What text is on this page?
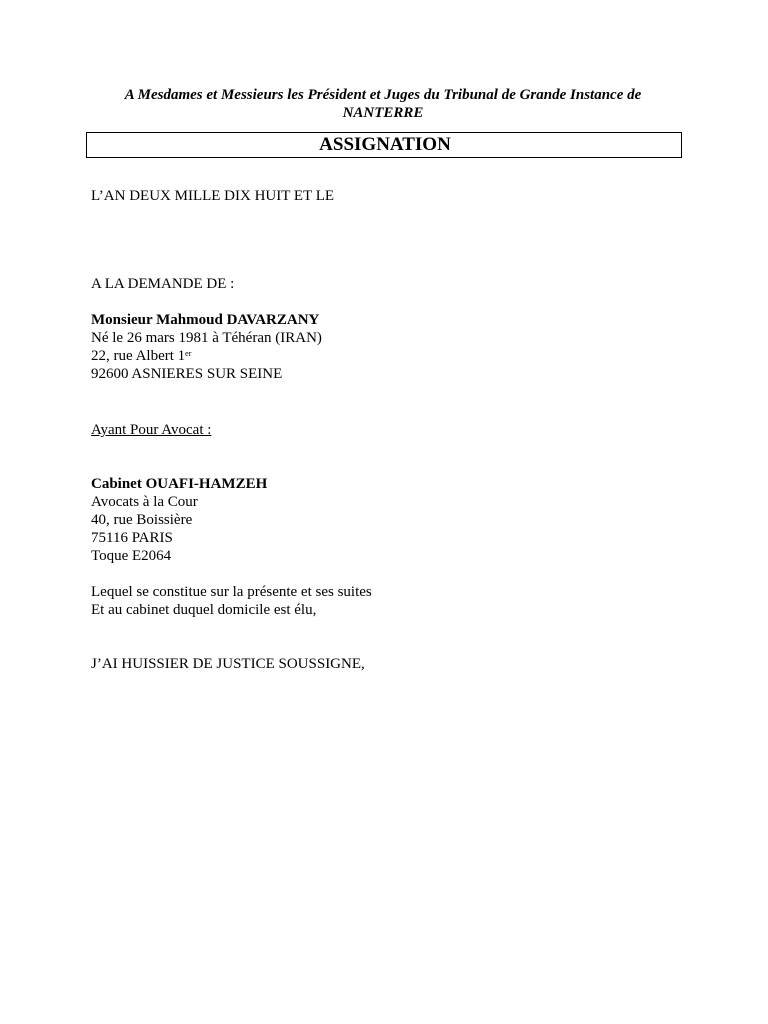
A Mesdames et Messieurs les Président et Juges du Tribunal de Grande Instance de
NANTERRE
ASSIGNATION
L’AN DEUX MILLE DIX HUIT ET LE
A LA DEMANDE DE :
Monsieur Mahmoud DAVARZANY
Né le 26 mars 1981 à Téhéran (IRAN)
22, rue Albert 1er
92600 ASNIERES SUR SEINE
Ayant Pour Avocat :
Cabinet OUAFI-HAMZEH
Avocats à la Cour
40, rue Boissière
75116 PARIS
Toque E2064
Lequel se constitue sur la présente et ses suites
Et au cabinet duquel domicile est élu,
J’AI HUISSIER DE JUSTICE SOUSSIGNE,
